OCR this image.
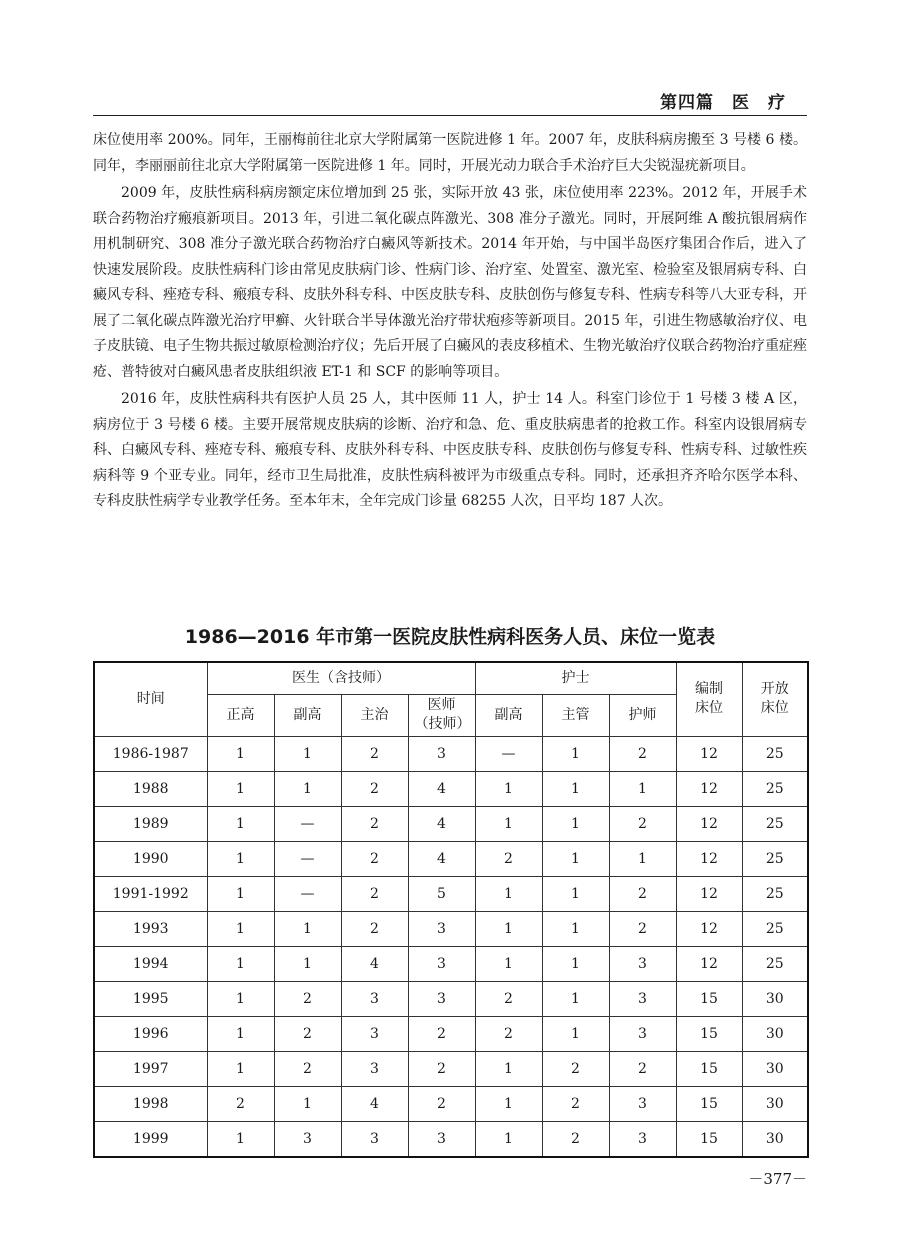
第四篇　医　疗

床位使用率 200%。同年，王丽梅前往北京大学附属第一医院进修 1 年。2007 年，皮肤科病房搬至 3 号楼 6 楼。同年，李丽丽前往北京大学附属第一医院进修 1 年。同时，开展光动力联合手术治疗巨大尖锐湿疣新项目。

2009 年，皮肤性病科病房额定床位增加到 25 张，实际开放 43 张，床位使用率 223%。2012 年，开展手术联合药物治疗瘢痕新项目。2013 年，引进二氧化碳点阵激光、308 准分子激光。同时，开展阿维 A 酸抗银屑病作用机制研究、308 准分子激光联合药物治疗白癜风等新技术。2014 年开始，与中国半岛医疗集团合作后，进入了快速发展阶段。皮肤性病科门诊由常见皮肤病门诊、性病门诊、治疗室、处置室、激光室、检验室及银屑病专科、白癜风专科、痤疮专科、瘢痕专科、皮肤外科专科、中医皮肤专科、皮肤创伤与修复专科、性病专科等八大亚专科，开展了二氧化碳点阵激光治疗甲癣、火针联合半导体激光治疗带状疱疹等新项目。2015 年，引进生物感敏治疗仪、电子皮肤镜、电子生物共振过敏原检测治疗仪；先后开展了白癜风的表皮移植术、生物光敏治疗仪联合药物治疗重症痤疮、普特彼对白癜风患者皮肤组织液 ET-1 和 SCF 的影响等项目。

2016 年，皮肤性病科共有医护人员 25 人，其中医师 11 人，护士 14 人。科室门诊位于 1 号楼 3 楼 A 区，病房位于 3 号楼 6 楼。主要开展常规皮肤病的诊断、治疗和急、危、重皮肤病患者的抢救工作。科室内设银屑病专科、白癜风专科、痤疮专科、瘢痕专科、皮肤外科专科、中医皮肤专科、皮肤创伤与修复专科、性病专科、过敏性疾病科等 9 个亚专业。同年，经市卫生局批准，皮肤性病科被评为市级重点专科。同时，还承担齐齐哈尔医学本科、专科皮肤性病学专业教学任务。至本年末，全年完成门诊量 68255 人次，日平均 187 人次。

1986—2016 年市第一医院皮肤性病科医务人员、床位一览表
时间	医生（含技师）				护士			编制床位	开放床位
	正高	副高	主治	医师（技师）	副高	主管	护师		
1986-1987	1	1	2	3	—	1	2	12	25
1988	1	1	2	4	1	1	1	12	25
1989	1	—	2	4	1	1	2	12	25
1990	1	—	2	4	2	1	1	12	25
1991-1992	1	—	2	5	1	1	2	12	25
1993	1	1	2	3	1	1	2	12	25
1994	1	1	4	3	1	1	3	12	25
1995	1	2	3	3	2	1	3	15	30
1996	1	2	3	2	2	1	3	15	30
1997	1	2	3	2	1	2	2	15	30
1998	2	1	4	2	1	2	3	15	30
1999	1	3	3	3	1	2	3	15	30
－377－
